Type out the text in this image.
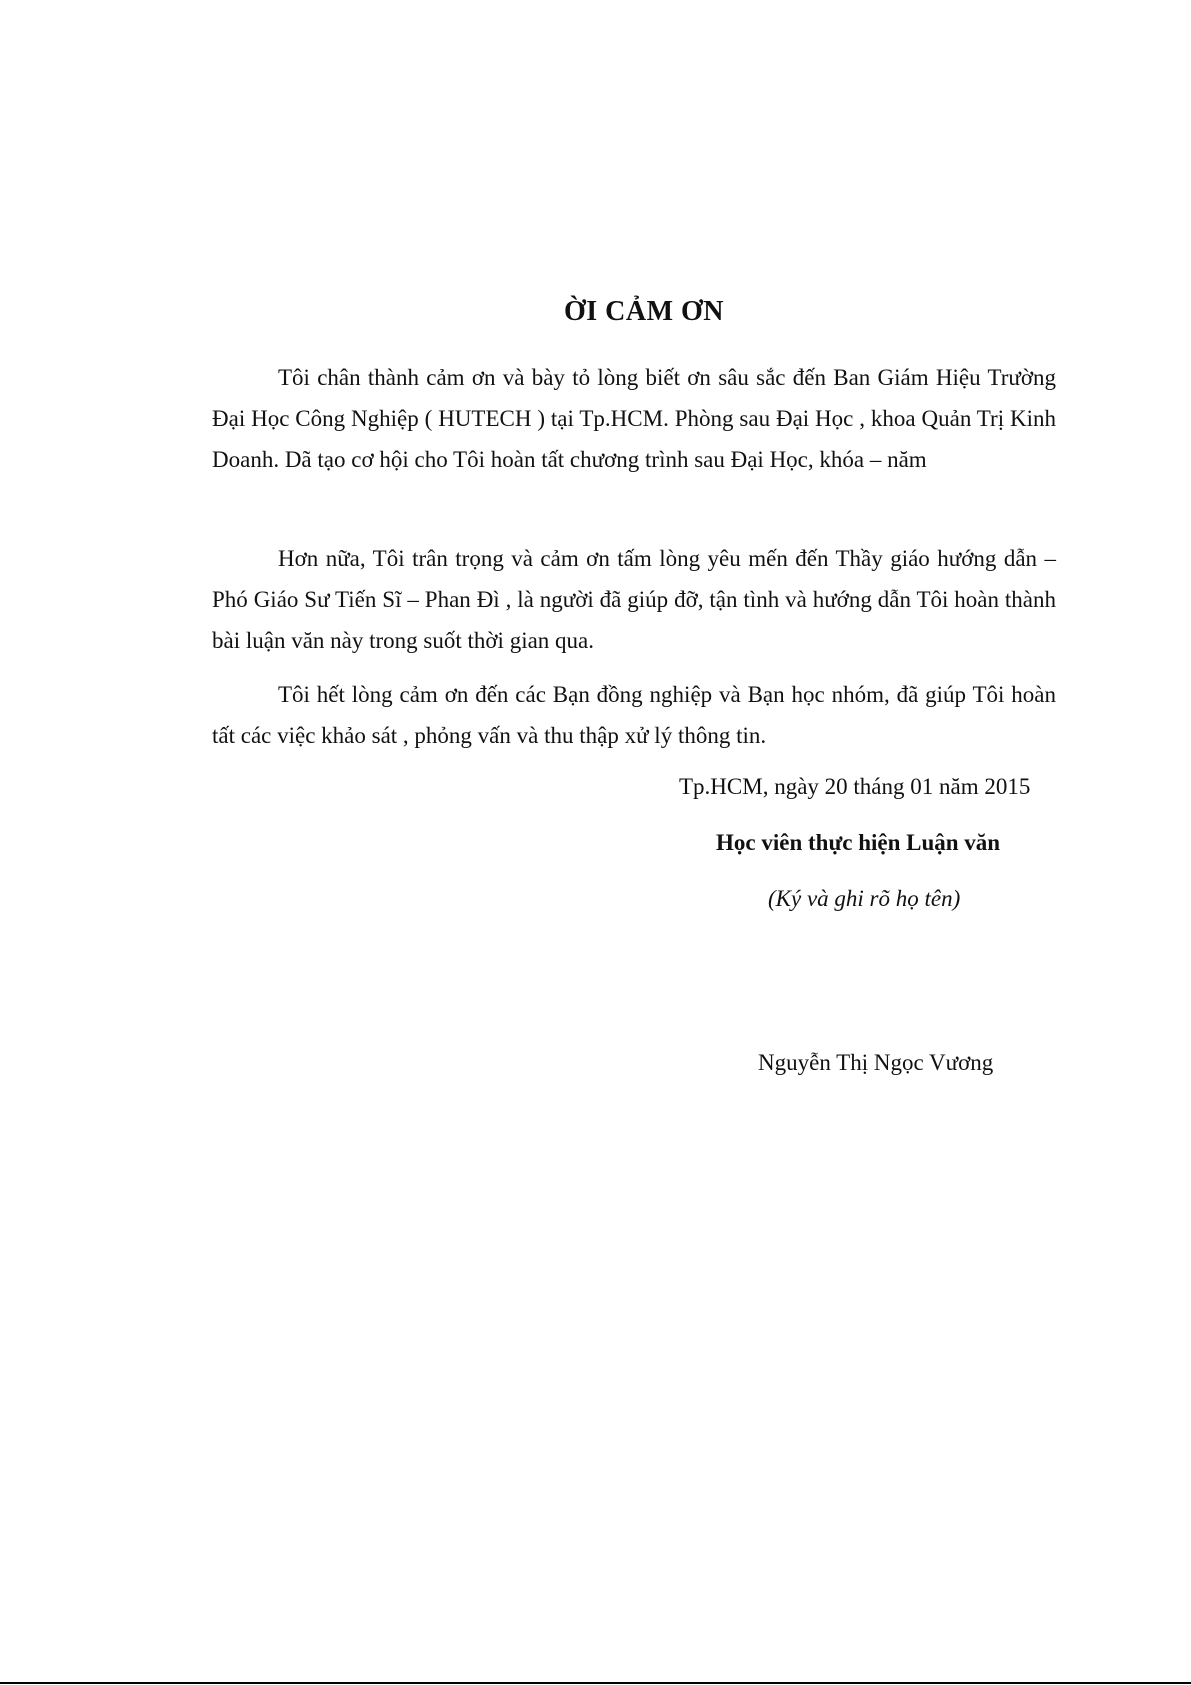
ỜI CẢM ƠN

Tôi chân thành cảm ơn và bày tỏ lòng biết ơn sâu sắc đến Ban Giám Hiệu Trường Đại Học Công Nghiệp ( HUTECH ) tại Tp.HCM. Phòng sau Đại Học , khoa Quản Trị Kinh Doanh. Dã tạo cơ hội cho Tôi hoàn tất chương trình sau Đại Học, khóa – năm

Hơn nữa, Tôi trân trọng và cảm ơn tấm lòng yêu mến đến Thầy giáo hướng dẫn – Phó Giáo Sư Tiến Sĩ – Phan Đì , là người đã giúp đỡ, tận tình và hướng dẫn Tôi hoàn thành bài luận văn này trong suốt thời gian qua.

Tôi hết lòng cảm ơn đến các Bạn đồng nghiệp và Bạn học nhóm, đã giúp Tôi hoàn tất các việc khảo sát , phỏng vấn và thu thập xử lý thông tin.

Tp.HCM, ngày 20 tháng 01 năm 2015
Học viên thực hiện Luận văn
(Ký và ghi rõ họ tên)
Nguyễn Thị Ngọc Vương
